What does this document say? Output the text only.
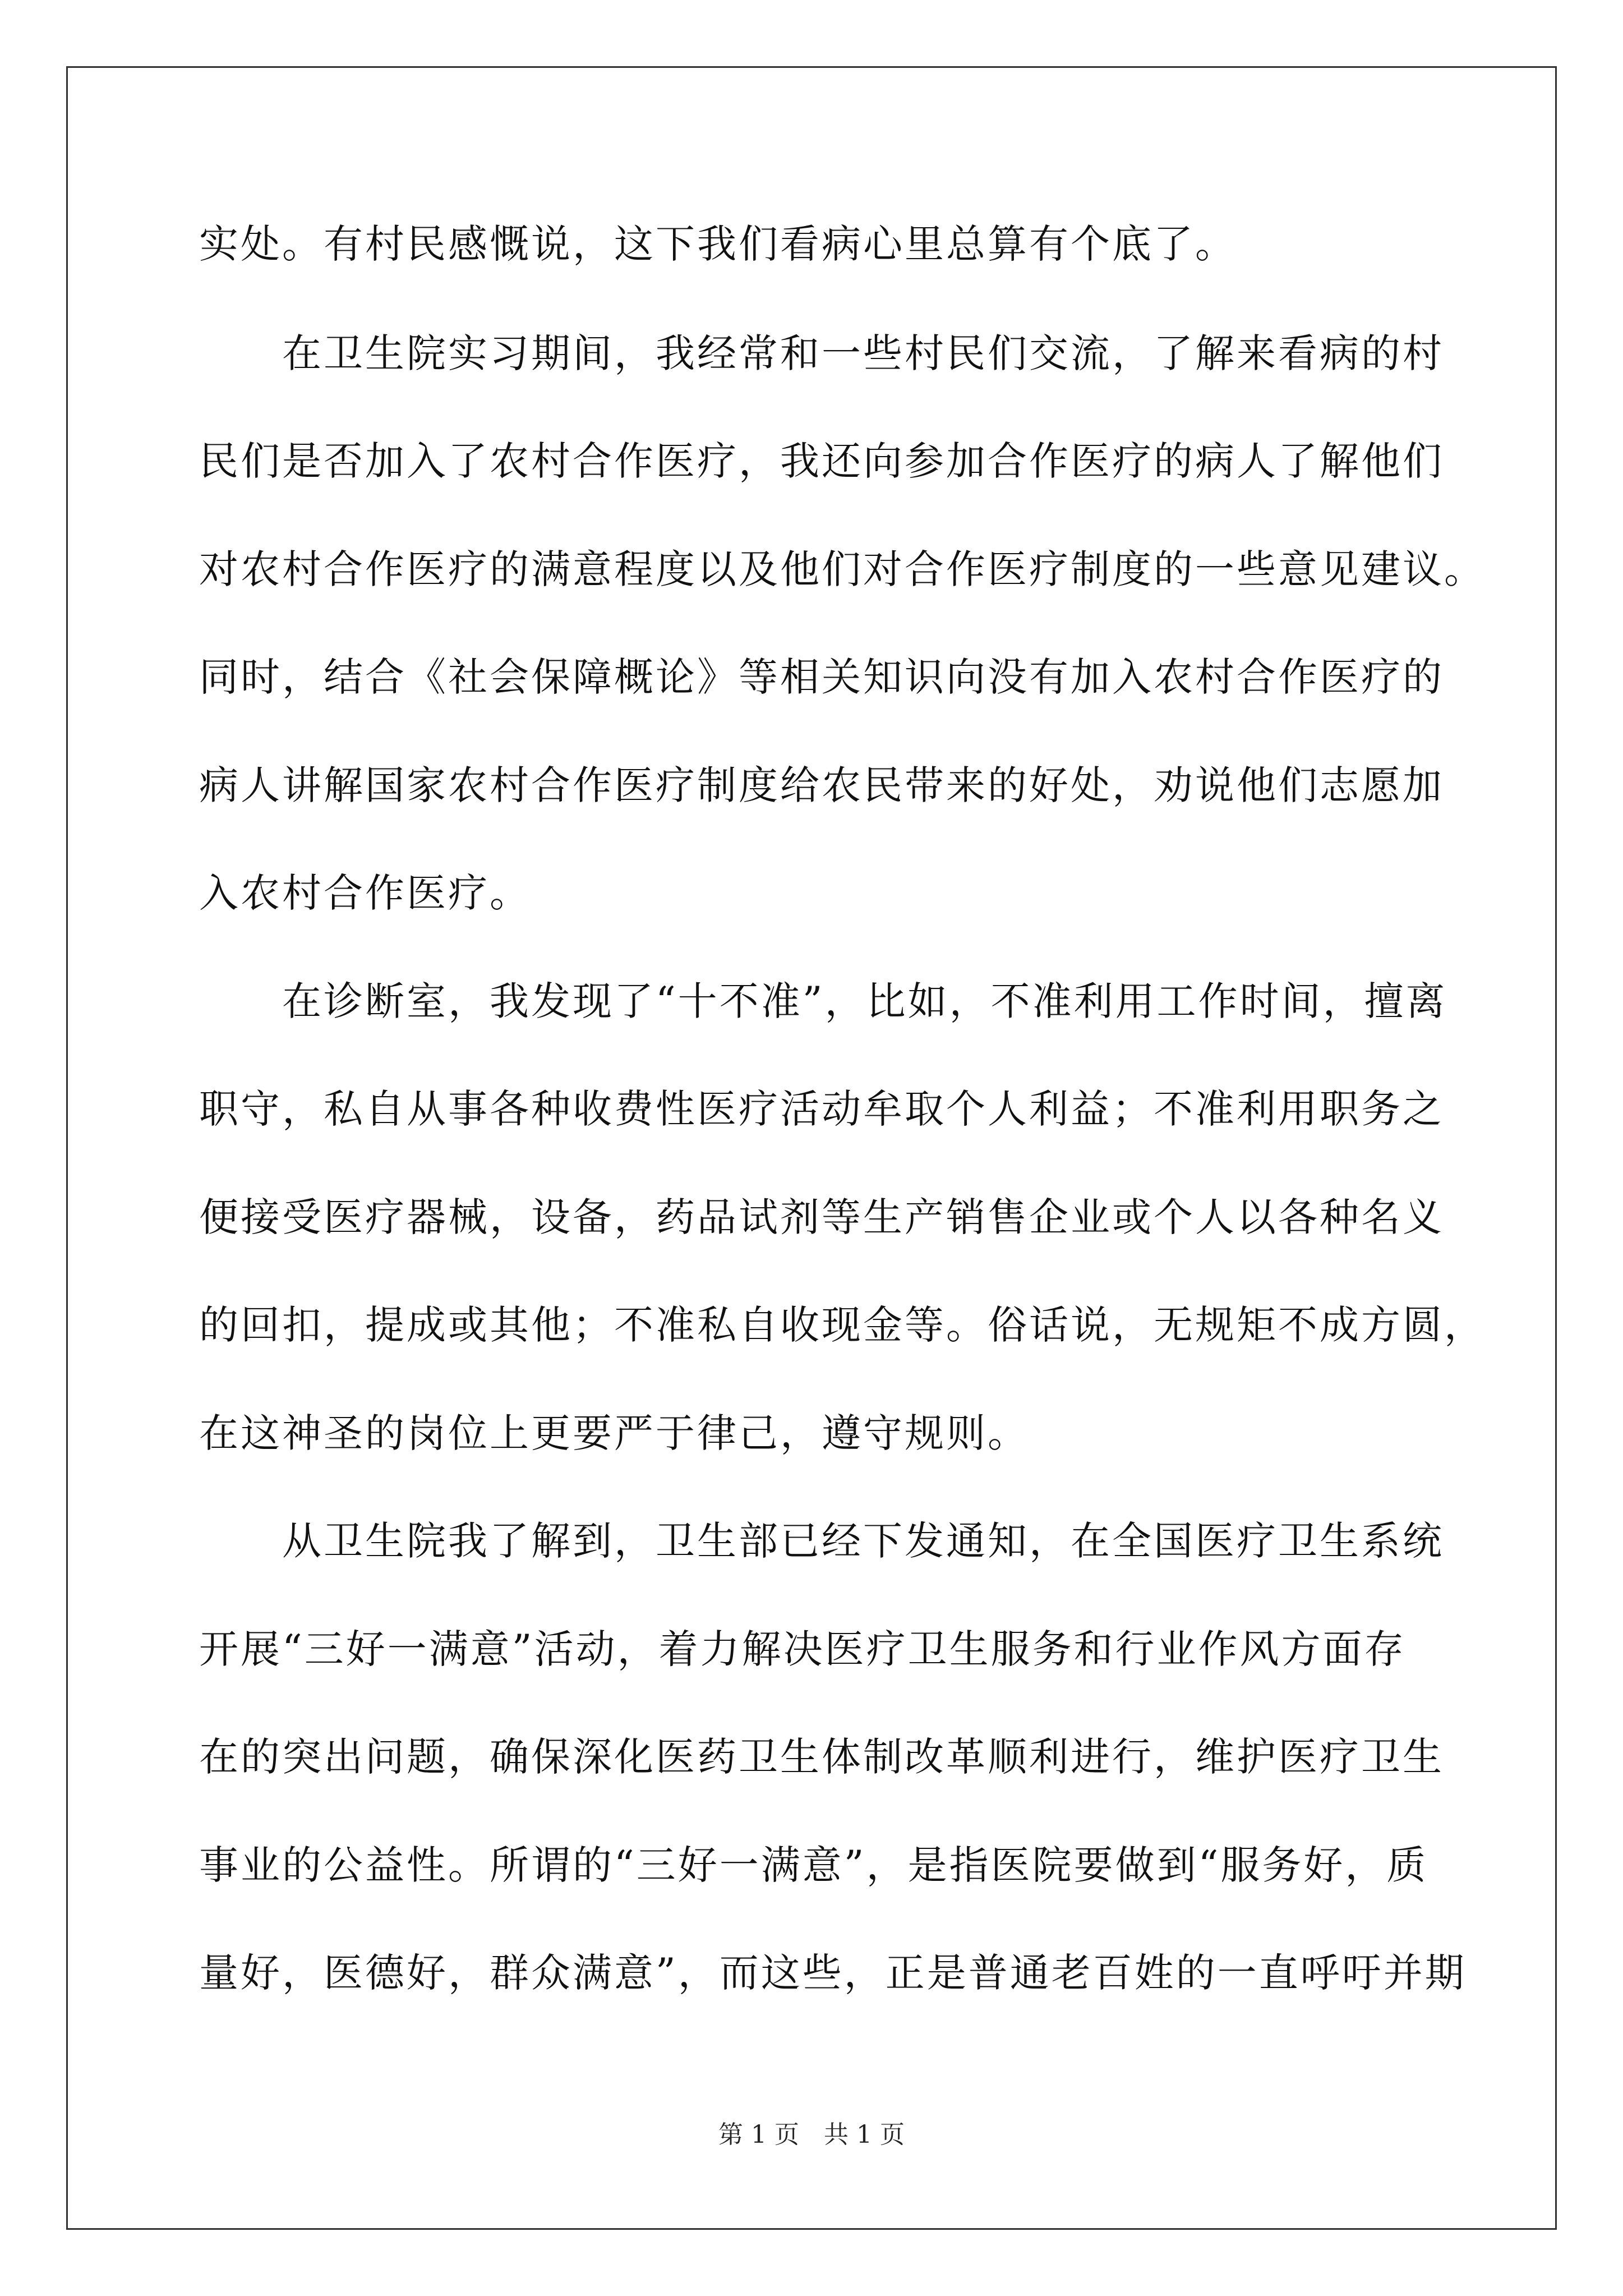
实处。有村民感慨说，这下我们看病心里总算有个底了。
　　在卫生院实习期间，我经常和一些村民们交流，了解来看病的村
民们是否加入了农村合作医疗，我还向参加合作医疗的病人了解他们
对农村合作医疗的满意程度以及他们对合作医疗制度的一些意见建议。
同时，结合《社会保障概论》等相关知识向没有加入农村合作医疗的
病人讲解国家农村合作医疗制度给农民带来的好处，劝说他们志愿加
入农村合作医疗。
　　在诊断室，我发现了“十不准”，比如，不准利用工作时间，擅离
职守，私自从事各种收费性医疗活动牟取个人利益；不准利用职务之
便接受医疗器械，设备，药品试剂等生产销售企业或个人以各种名义
的回扣，提成或其他；不准私自收现金等。俗话说，无规矩不成方圆，
在这神圣的岗位上更要严于律己，遵守规则。
　　从卫生院我了解到，卫生部已经下发通知，在全国医疗卫生系统
开展“三好一满意”活动，着力解决医疗卫生服务和行业作风方面存
在的突出问题，确保深化医药卫生体制改革顺利进行，维护医疗卫生
事业的公益性。所谓的“三好一满意”，是指医院要做到“服务好，质
量好，医德好，群众满意”，而这些，正是普通老百姓的一直呼吁并期
第 1 页　共 1 页
